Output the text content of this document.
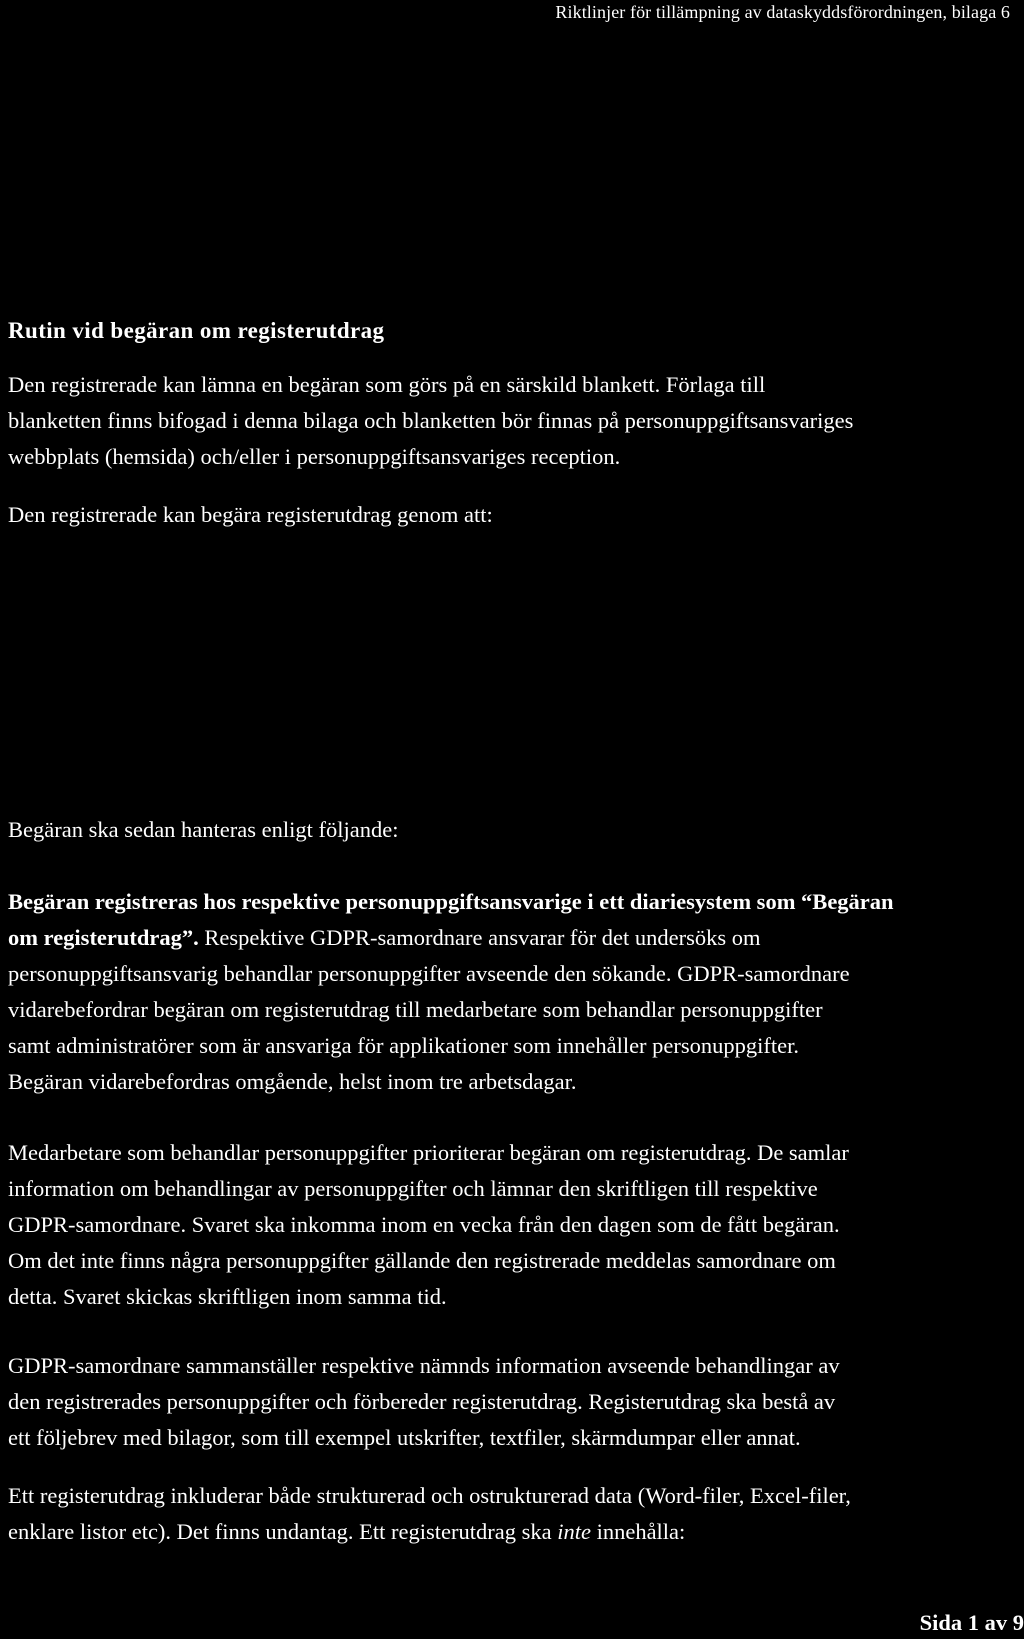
Riktlinjer för tillämpning av dataskyddsförordningen, bilaga 6
Rutin vid begäran om registerutdrag
Den registrerade kan lämna en begäran som görs på en särskild blankett. Förlaga till
blanketten finns bifogad i denna bilaga och blanketten bör finnas på personuppgiftsansvariges
webbplats (hemsida) och/eller i personuppgiftsansvariges reception.
Den registrerade kan begära registerutdrag genom att:
Begäran ska sedan hanteras enligt följande:
Begäran registreras hos respektive personuppgiftsansvarige i ett diariesystem som “Begäran
om registerutdrag”. Respektive GDPR-samordnare ansvarar för det undersöks om
personuppgiftsansvarig behandlar personuppgifter avseende den sökande. GDPR-samordnare
vidarebefordrar begäran om registerutdrag till medarbetare som behandlar personuppgifter
samt administratörer som är ansvariga för applikationer som innehåller personuppgifter.
Begäran vidarebefordras omgående, helst inom tre arbetsdagar.
Medarbetare som behandlar personuppgifter prioriterar begäran om registerutdrag. De samlar
information om behandlingar av personuppgifter och lämnar den skriftligen till respektive
GDPR-samordnare. Svaret ska inkomma inom en vecka från den dagen som de fått begäran.
Om det inte finns några personuppgifter gällande den registrerade meddelas samordnare om
detta. Svaret skickas skriftligen inom samma tid.
GDPR-samordnare sammanställer respektive nämnds information avseende behandlingar av
den registrerades personuppgifter och förbereder registerutdrag. Registerutdrag ska bestå av
ett följebrev med bilagor, som till exempel utskrifter, textfiler, skärmdumpar eller annat.
Ett registerutdrag inkluderar både strukturerad och ostrukturerad data (Word-filer, Excel-filer,
enklare listor etc). Det finns undantag. Ett registerutdrag ska inte innehålla:
Sida 1 av 9
